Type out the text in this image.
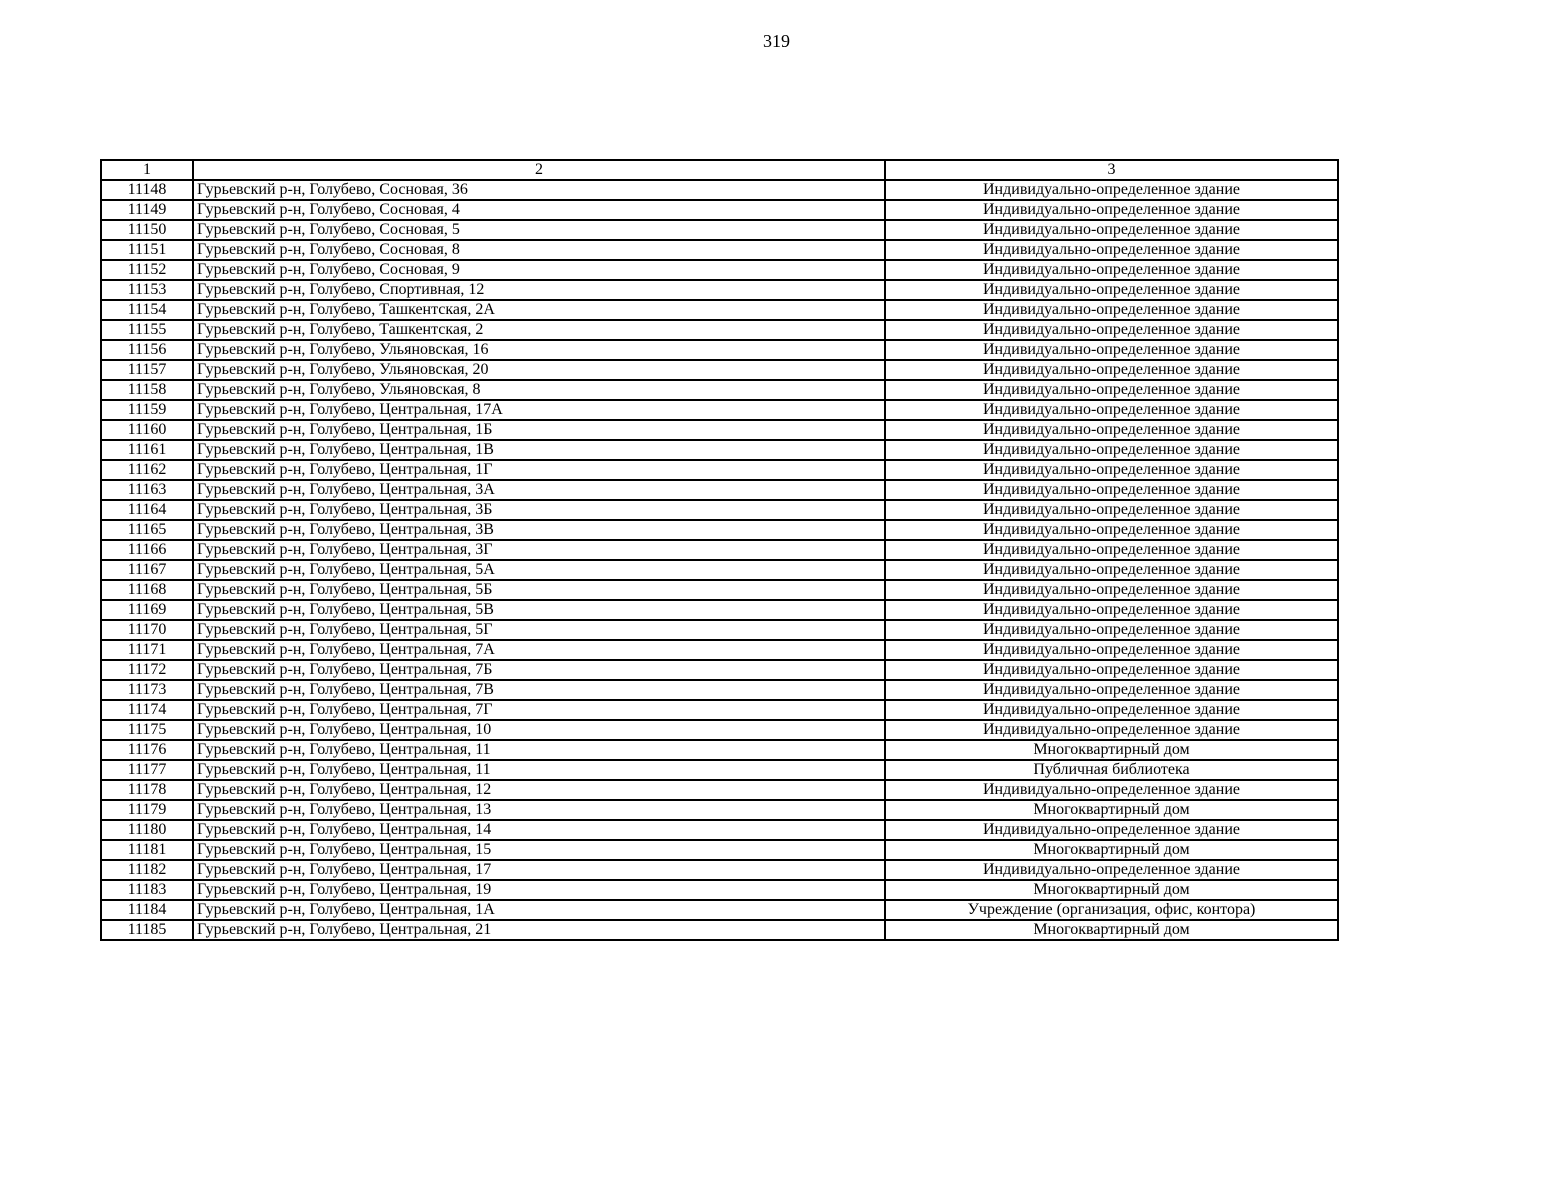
319
1	2	3
11148	Гурьевский р-н, Голубево, Сосновая, 36	Индивидуально-определенное здание
11149	Гурьевский р-н, Голубево, Сосновая, 4	Индивидуально-определенное здание
11150	Гурьевский р-н, Голубево, Сосновая, 5	Индивидуально-определенное здание
11151	Гурьевский р-н, Голубево, Сосновая, 8	Индивидуально-определенное здание
11152	Гурьевский р-н, Голубево, Сосновая, 9	Индивидуально-определенное здание
11153	Гурьевский р-н, Голубево, Спортивная, 12	Индивидуально-определенное здание
11154	Гурьевский р-н, Голубево, Ташкентская, 2А	Индивидуально-определенное здание
11155	Гурьевский р-н, Голубево, Ташкентская, 2	Индивидуально-определенное здание
11156	Гурьевский р-н, Голубево, Ульяновская, 16	Индивидуально-определенное здание
11157	Гурьевский р-н, Голубево, Ульяновская, 20	Индивидуально-определенное здание
11158	Гурьевский р-н, Голубево, Ульяновская, 8	Индивидуально-определенное здание
11159	Гурьевский р-н, Голубево, Центральная, 17А	Индивидуально-определенное здание
11160	Гурьевский р-н, Голубево, Центральная, 1Б	Индивидуально-определенное здание
11161	Гурьевский р-н, Голубево, Центральная, 1В	Индивидуально-определенное здание
11162	Гурьевский р-н, Голубево, Центральная, 1Г	Индивидуально-определенное здание
11163	Гурьевский р-н, Голубево, Центральная, 3А	Индивидуально-определенное здание
11164	Гурьевский р-н, Голубево, Центральная, 3Б	Индивидуально-определенное здание
11165	Гурьевский р-н, Голубево, Центральная, 3В	Индивидуально-определенное здание
11166	Гурьевский р-н, Голубево, Центральная, 3Г	Индивидуально-определенное здание
11167	Гурьевский р-н, Голубево, Центральная, 5А	Индивидуально-определенное здание
11168	Гурьевский р-н, Голубево, Центральная, 5Б	Индивидуально-определенное здание
11169	Гурьевский р-н, Голубево, Центральная, 5В	Индивидуально-определенное здание
11170	Гурьевский р-н, Голубево, Центральная, 5Г	Индивидуально-определенное здание
11171	Гурьевский р-н, Голубево, Центральная, 7А	Индивидуально-определенное здание
11172	Гурьевский р-н, Голубево, Центральная, 7Б	Индивидуально-определенное здание
11173	Гурьевский р-н, Голубево, Центральная, 7В	Индивидуально-определенное здание
11174	Гурьевский р-н, Голубево, Центральная, 7Г	Индивидуально-определенное здание
11175	Гурьевский р-н, Голубево, Центральная, 10	Индивидуально-определенное здание
11176	Гурьевский р-н, Голубево, Центральная, 11	Многоквартирный дом
11177	Гурьевский р-н, Голубево, Центральная, 11	Публичная библиотека
11178	Гурьевский р-н, Голубево, Центральная, 12	Индивидуально-определенное здание
11179	Гурьевский р-н, Голубево, Центральная, 13	Многоквартирный дом
11180	Гурьевский р-н, Голубево, Центральная, 14	Индивидуально-определенное здание
11181	Гурьевский р-н, Голубево, Центральная, 15	Многоквартирный дом
11182	Гурьевский р-н, Голубево, Центральная, 17	Индивидуально-определенное здание
11183	Гурьевский р-н, Голубево, Центральная, 19	Многоквартирный дом
11184	Гурьевский р-н, Голубево, Центральная, 1А	Учреждение (организация, офис, контора)
11185	Гурьевский р-н, Голубево, Центральная, 21	Многоквартирный дом
